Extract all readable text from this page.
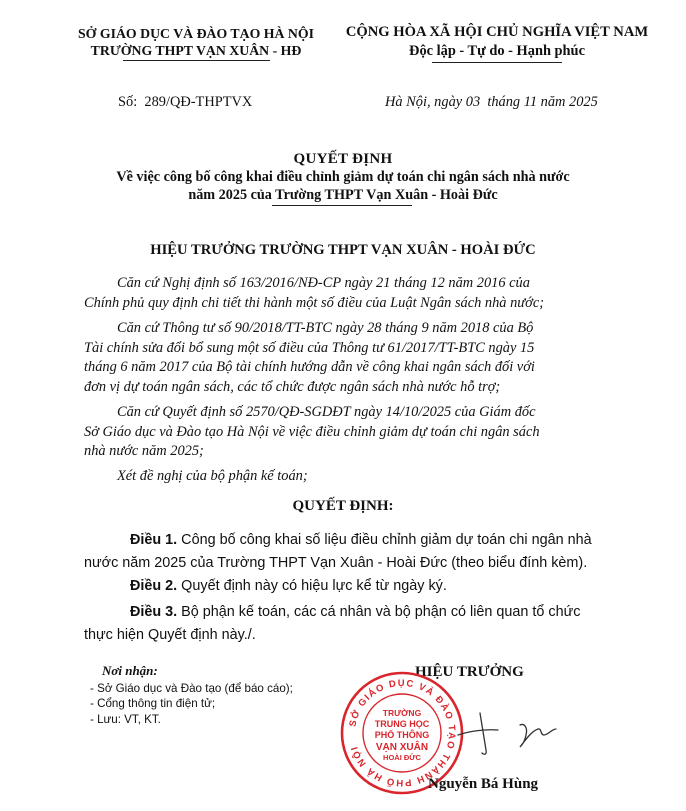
SỞ GIÁO DỤC VÀ ĐÀO TẠO HÀ NỘI
TRƯỜNG THPT VẠN XUÂN - HĐ
CỘNG HÒA XÃ HỘI CHỦ NGHĨA VIỆT NAM
Độc lập - Tự do - Hạnh phúc
Số:  289/QĐ-THPTVX	Hà Nội, ngày 03  tháng 11 năm 2025
QUYẾT ĐỊNH
Về việc công bố công khai điều chỉnh giảm dự toán chi ngân sách nhà nước
năm 2025 của Trường THPT Vạn Xuân - Hoài Đức
HIỆU TRƯỞNG TRƯỜNG THPT VẠN XUÂN - HOÀI ĐỨC
Căn cứ Nghị định số 163/2016/NĐ-CP ngày 21 tháng 12 năm 2016 của
Chính phủ quy định chi tiết thi hành một số điều của Luật Ngân sách nhà nước;
Căn cứ Thông tư số 90/2018/TT-BTC ngày 28 tháng 9 năm 2018 của Bộ
Tài chính sửa đổi bổ sung một số điều của Thông tư 61/2017/TT-BTC ngày 15
tháng 6 năm 2017 của Bộ tài chính hướng dẫn về công khai ngân sách đối với
đơn vị dự toán ngân sách, các tổ chức được ngân sách nhà nước hỗ trợ;
Căn cứ Quyết định số 2570/QĐ-SGDĐT ngày 14/10/2025 của Giám đốc
Sở Giáo dục và Đào tạo Hà Nội về việc điều chỉnh giảm dự toán chi ngân sách
nhà nước năm 2025;
Xét đề nghị của bộ phận kế toán;
QUYẾT ĐỊNH:
Điều 1. Công bố công khai số liệu điều chỉnh giảm dự toán chi ngân nhà
nước năm 2025 của Trường THPT Vạn Xuân - Hoài Đức (theo biểu đính kèm).
Điều 2. Quyết định này có hiệu lực kể từ ngày ký.
Điều 3. Bộ phận kế toán, các cá nhân và bộ phận có liên quan tổ chức
thực hiện Quyết định này./.
Nơi nhận:
- Sở Giáo dục và Đào tạo (để báo cáo);
- Cổng thông tin điện tử;
- Lưu: VT, KT.
HIỆU TRƯỞNG
SỞ GIÁO DỤC VÀ ĐÀO TẠO THÀNH PHỐ HÀ NỘI
TRƯỜNG
TRUNG HỌC
PHỔ THÔNG
VẠN XUÂN
HOÀI ĐỨC
Nguyễn Bá Hùng
